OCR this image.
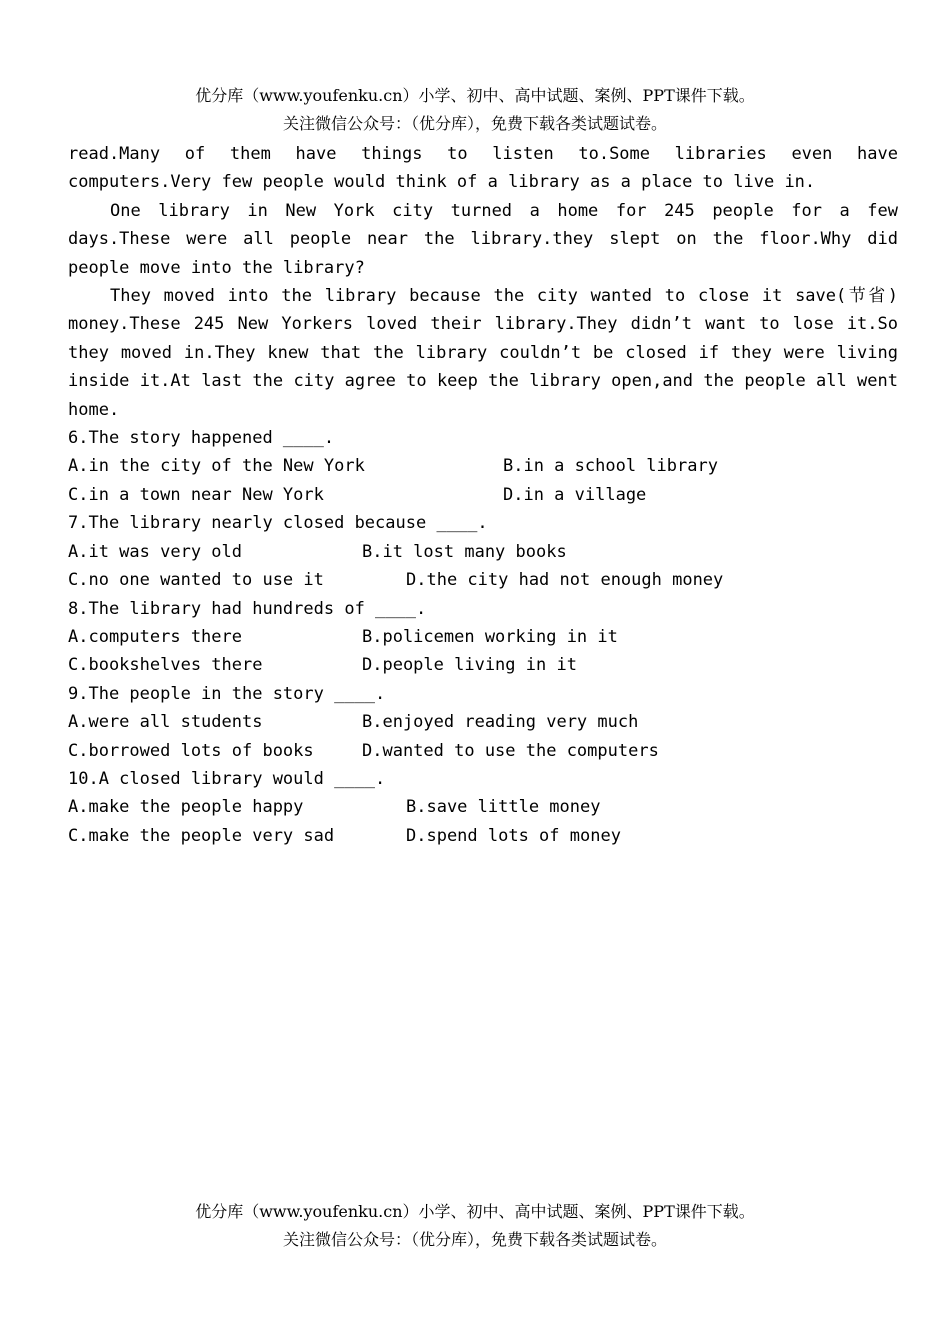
优分库（www.youfenku.cn）小学、初中、高中试题、案例、PPT课件下载。
关注微信公众号：（优分库），免费下载各类试题试卷。

read.Many of them have things to listen to.Some libraries even have computers.Very few people would think of a library as a place to live in.

One library in New York city turned a home for 245 people for a few days.These were all people near the library.they slept on the floor.Why did people move into the library?

They moved into the library because the city wanted to close it save(节省) money.These 245 New Yorkers loved their library.They didn’t want to lose it.So they moved in.They knew that the library couldn’t be closed if they were living inside it.At last the city agree to keep the library open,and the people all went home.

6.The story happened ____.

A.in the city of the New York	B.in a school library
C.in a town near New York	D.in a village

7.The library nearly closed because ____.

A.it was very old	B.it lost many books
C.no one wanted to use it	D.the city had not enough money

8.The library had hundreds of ____.

A.computers there	B.policemen working in it
C.bookshelves there	D.people living in it

9.The people in the story ____.

A.were all students	B.enjoyed reading very much
C.borrowed lots of books	D.wanted to use the computers

10.A closed library would ____.

A.make the people happy	B.save little money
C.make the people very sad	D.spend lots of money
优分库（www.youfenku.cn）小学、初中、高中试题、案例、PPT课件下载。
关注微信公众号：（优分库），免费下载各类试题试卷。
